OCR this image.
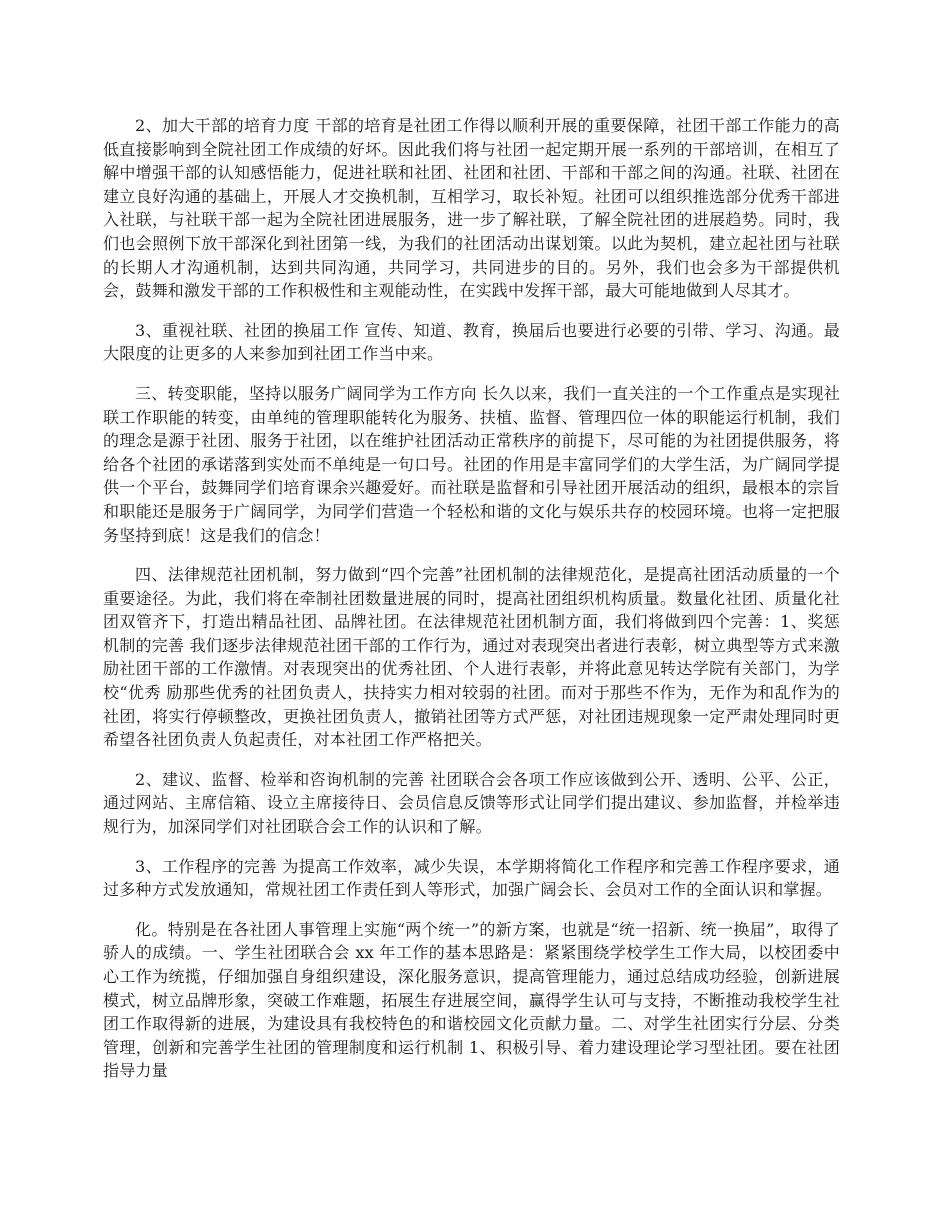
2、加大干部的培育力度 干部的培育是社团工作得以顺利开展的重要保障，社团干部工作能力的高低直接影响到全院社团工作成绩的好坏。因此我们将与社团一起定期开展一系列的干部培训，在相互了解中增强干部的认知感悟能力，促进社联和社团、社团和社团、干部和干部之间的沟通。社联、社团在建立良好沟通的基础上，开展人才交换机制，互相学习，取长补短。社团可以组织推选部分优秀干部进入社联，与社联干部一起为全院社团进展服务，进一步了解社联，了解全院社团的进展趋势。同时，我们也会照例下放干部深化到社团第一线，为我们的社团活动出谋划策。以此为契机，建立起社团与社联的长期人才沟通机制，达到共同沟通，共同学习，共同进步的目的。另外，我们也会多为干部提供机会，鼓舞和激发干部的工作积极性和主观能动性，在实践中发挥干部，最大可能地做到人尽其才。

3、重视社联、社团的换届工作 宣传、知道、教育，换届后也要进行必要的引带、学习、沟通。最大限度的让更多的人来参加到社团工作当中来。

三、转变职能，坚持以服务广阔同学为工作方向 长久以来，我们一直关注的一个工作重点是实现社联工作职能的转变，由单纯的管理职能转化为服务、扶植、监督、管理四位一体的职能运行机制，我们的理念是源于社团、服务于社团，以在维护社团活动正常秩序的前提下，尽可能的为社团提供服务，将给各个社团的承诺落到实处而不单纯是一句口号。社团的作用是丰富同学们的大学生活，为广阔同学提供一个平台，鼓舞同学们培育课余兴趣爱好。而社联是监督和引导社团开展活动的组织，最根本的宗旨和职能还是服务于广阔同学，为同学们营造一个轻松和谐的文化与娱乐共存的校园环境。也将一定把服务坚持到底！这是我们的信念！

四、法律规范社团机制，努力做到“四个完善”社团机制的法律规范化，是提高社团活动质量的一个重要途径。为此，我们将在牵制社团数量进展的同时，提高社团组织机构质量。数量化社团、质量化社团双管齐下，打造出精品社团、品牌社团。在法律规范社团机制方面，我们将做到四个完善：1、奖惩机制的完善 我们逐步法律规范社团干部的工作行为，通过对表现突出者进行表彰，树立典型等方式来激励社团干部的工作激情。对表现突出的优秀社团、个人进行表彰，并将此意见转达学院有关部门，为学校“优秀 励那些优秀的社团负责人，扶持实力相对较弱的社团。而对于那些不作为，无作为和乱作为的社团，将实行停顿整改，更换社团负责人，撤销社团等方式严惩，对社团违规现象一定严肃处理同时更希望各社团负责人负起责任，对本社团工作严格把关。

2、建议、监督、检举和咨询机制的完善 社团联合会各项工作应该做到公开、透明、公平、公正，通过网站、主席信箱、设立主席接待日、会员信息反馈等形式让同学们提出建议、参加监督，并检举违规行为，加深同学们对社团联合会工作的认识和了解。

3、工作程序的完善 为提高工作效率，减少失误，本学期将简化工作程序和完善工作程序要求，通过多种方式发放通知，常规社团工作责任到人等形式，加强广阔会长、会员对工作的全面认识和掌握。

化。特别是在各社团人事管理上实施“两个统一”的新方案，也就是“统一招新、统一换届”，取得了骄人的成绩。一、学生社团联合会 xx 年工作的基本思路是：紧紧围绕学校学生工作大局，以校团委中心工作为统揽，仔细加强自身组织建设，深化服务意识，提高管理能力，通过总结成功经验，创新进展模式，树立品牌形象，突破工作难题，拓展生存进展空间，赢得学生认可与支持，不断推动我校学生社团工作取得新的进展，为建设具有我校特色的和谐校园文化贡献力量。二、对学生社团实行分层、分类管理，创新和完善学生社团的管理制度和运行机制 1、积极引导、着力建设理论学习型社团。要在社团指导力量
